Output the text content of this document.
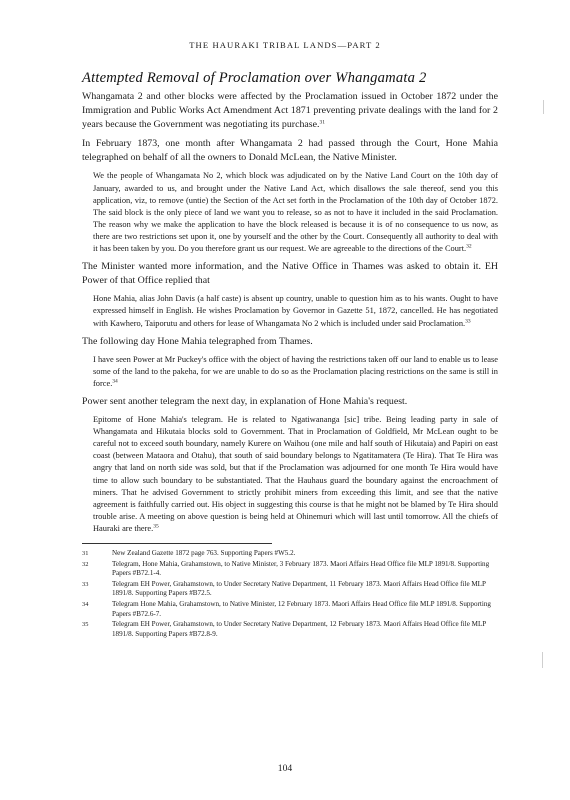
THE HAURAKI TRIBAL LANDS—PART 2
Attempted Removal of Proclamation over Whangamata 2

Whangamata 2 and other blocks were affected by the Proclamation issued in October 1872 under the Immigration and Public Works Act Amendment Act 1871 preventing private dealings with the land for 2 years because the Government was negotiating its purchase.$^{31}$

In February 1873, one month after Whangamata 2 had passed through the Court, Hone Mahia telegraphed on behalf of all the owners to Donald McLean, the Native Minister.

We the people of Whangamata No 2, which block was adjudicated on by the Native Land Court on the 10th day of January, awarded to us, and brought under the Native Land Act, which disallows the sale thereof, send you this application, viz, to remove (untie) the Section of the Act set forth in the Proclamation of the 10th day of October 1872. The said block is the only piece of land we want you to release, so as not to have it included in the said Proclamation. The reason why we make the application to have the block released is because it is of no consequence to us now, as there are two restrictions set upon it, one by yourself and the other by the Court. Consequently all authority to deal with it has been taken by you. Do you therefore grant us our request. We are agreeable to the directions of the Court.$^{32}$

The Minister wanted more information, and the Native Office in Thames was asked to obtain it. EH Power of that Office replied that

Hone Mahia, alias John Davis (a half caste) is absent up country, unable to question him as to his wants. Ought to have expressed himself in English. He wishes Proclamation by Governor in Gazette 51, 1872, cancelled. He has negotiated with Kawhero, Taiporutu and others for lease of Whangamata No 2 which is included under said Proclamation.$^{33}$

The following day Hone Mahia telegraphed from Thames.

I have seen Power at Mr Puckey's office with the object of having the restrictions taken off our land to enable us to lease some of the land to the pakeha, for we are unable to do so as the Proclamation placing restrictions on the same is still in force.$^{34}$

Power sent another telegram the next day, in explanation of Hone Mahia's request.

Epitome of Hone Mahia's telegram. He is related to Ngatiwananga [sic] tribe. Being leading party in sale of Whangamata and Hikutaia blocks sold to Government. That in Proclamation of Goldfield, Mr McLean ought to be careful not to exceed south boundary, namely Kurere on Waihou (one mile and half south of Hikutaia) and Papiri on east coast (between Mataora and Otahu), that south of said boundary belongs to Ngatitamatera (Te Hira). That Te Hira was angry that land on north side was sold, but that if the Proclamation was adjourned for one month Te Hira would have time to allow such boundary to be substantiated. That the Hauhaus guard the boundary against the encroachment of miners. That he advised Government to strictly prohibit miners from exceeding this limit, and see that the native agreement is faithfully carried out. His object in suggesting this course is that he might not be blamed by Te Hira should trouble arise. A meeting on above question is being held at Ohinemuri which will last until tomorrow. All the chiefs of Hauraki are there.$^{35}$

31	New Zealand Gazette 1872 page 763. Supporting Papers #W5.2.
32	Telegram, Hone Mahia, Grahamstown, to Native Minister, 3 February 1873. Maori Affairs Head Office file MLP 1891/8. Supporting Papers #B72.1-4.
33	Telegram EH Power, Grahamstown, to Under Secretary Native Department, 11 February 1873. Maori Affairs Head Office file MLP 1891/8. Supporting Papers #B72.5.
34	Telegram Hone Mahia, Grahamstown, to Native Minister, 12 February 1873. Maori Affairs Head Office file MLP 1891/8. Supporting Papers #B72.6-7.
35	Telegram EH Power, Grahamstown, to Under Secretary Native Department, 12 February 1873. Maori Affairs Head Office file MLP 1891/8. Supporting Papers #B72.8-9.
104
